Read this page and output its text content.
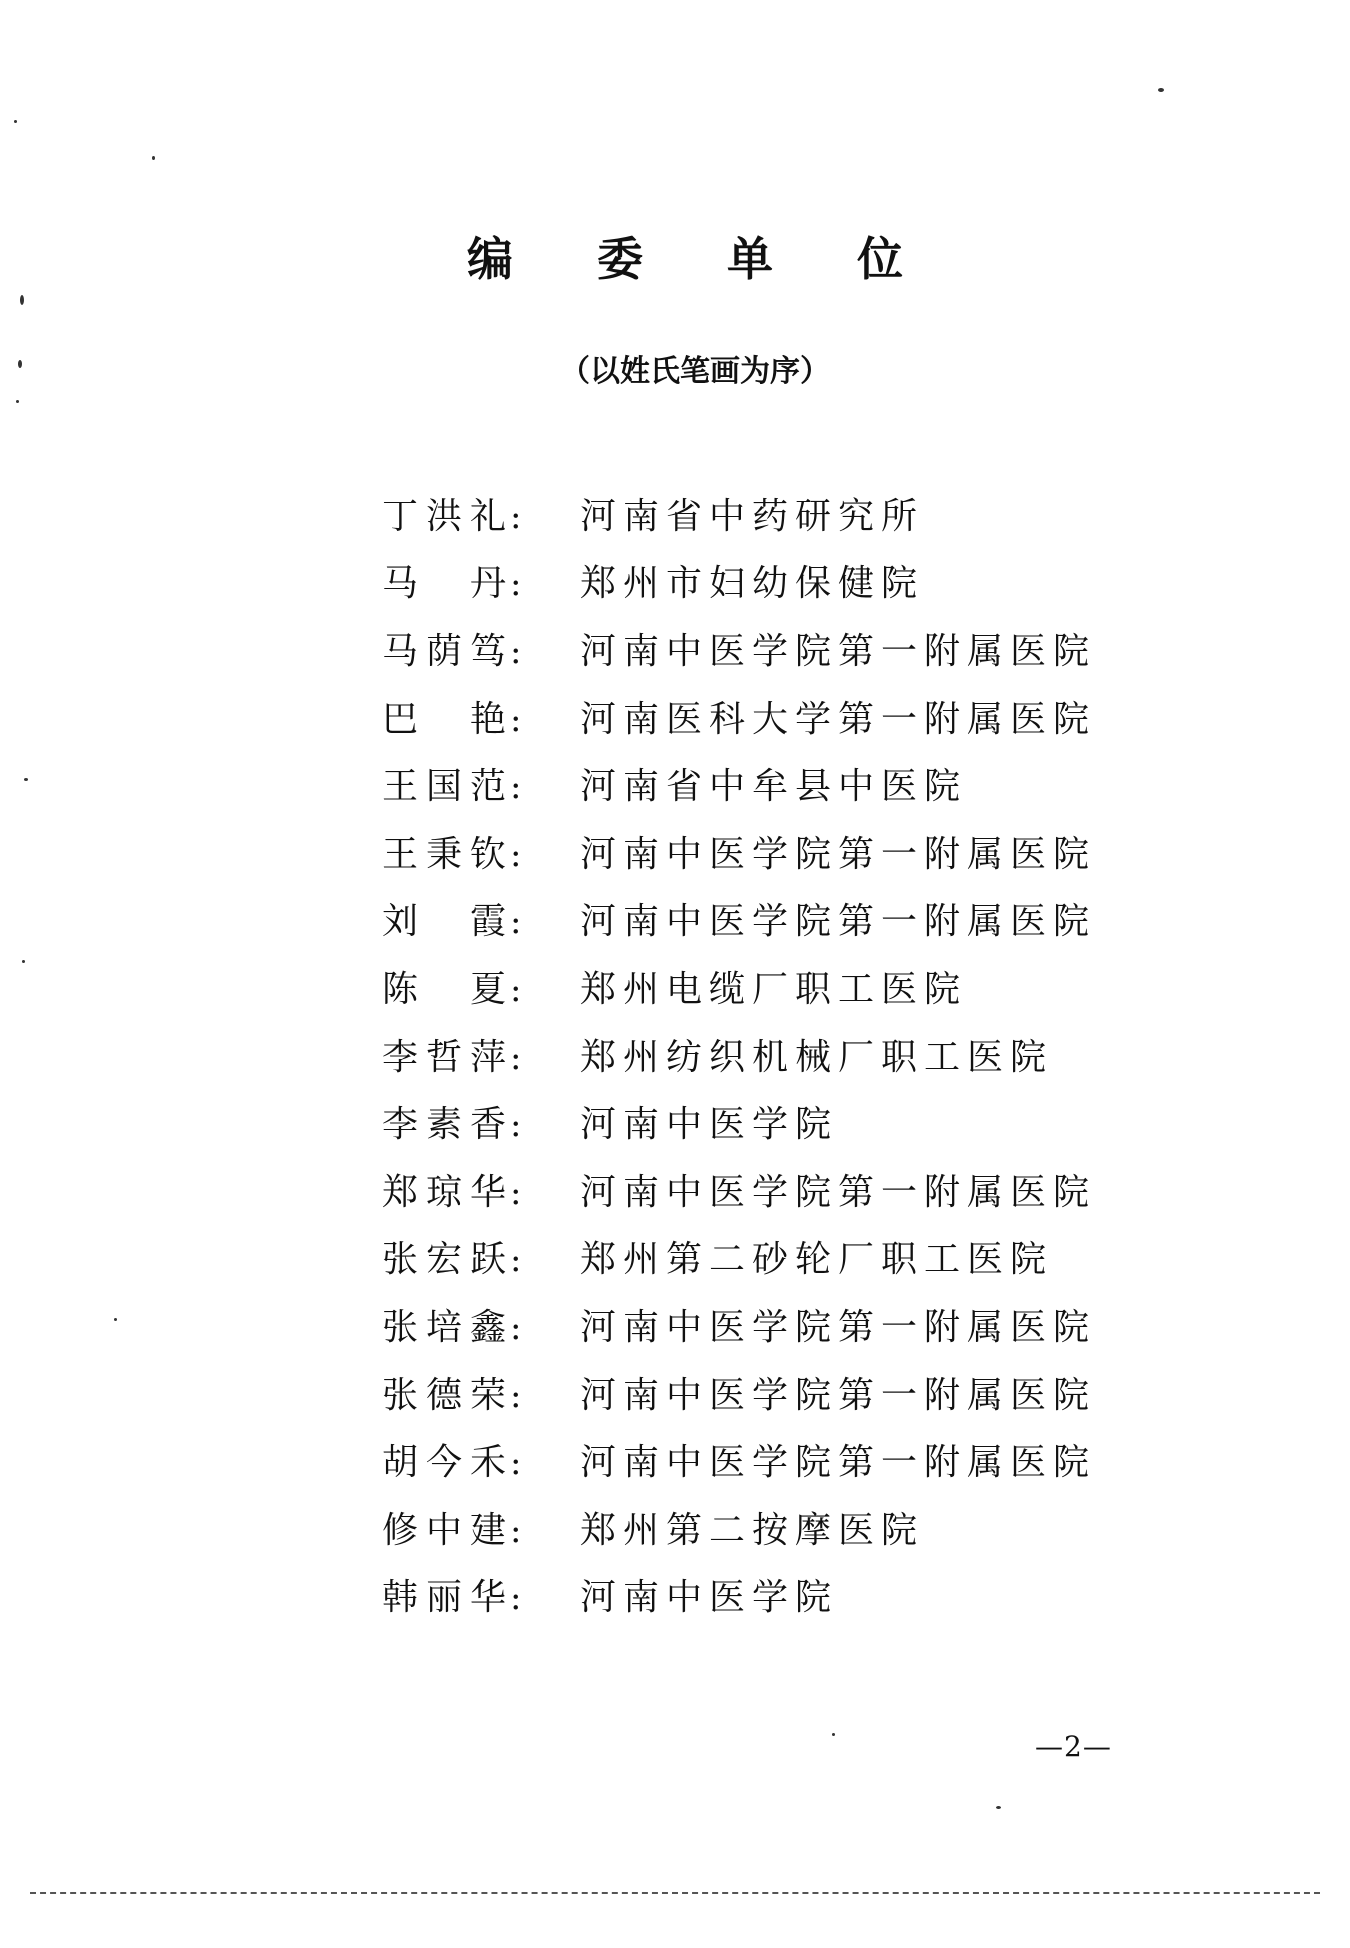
编 委 单 位
（以姓氏笔画为序）
丁洪礼 :	河南省中药研究所
马　丹 :	郑州市妇幼保健院
马荫笃 :	河南中医学院第一附属医院
巴　艳 :	河南医科大学第一附属医院
王国范 :	河南省中牟县中医院
王秉钦 :	河南中医学院第一附属医院
刘　霞 :	河南中医学院第一附属医院
陈　夏 :	郑州电缆厂职工医院
李哲萍 :	郑州纺织机械厂职工医院
李素香 :	河南中医学院
郑琼华 :	河南中医学院第一附属医院
张宏跃 :	郑州第二砂轮厂职工医院
张培鑫 :	河南中医学院第一附属医院
张德荣 :	河南中医学院第一附属医院
胡今禾 :	河南中医学院第一附属医院
修中建 :	郑州第二按摩医院
韩丽华 :	河南中医学院
—2—
